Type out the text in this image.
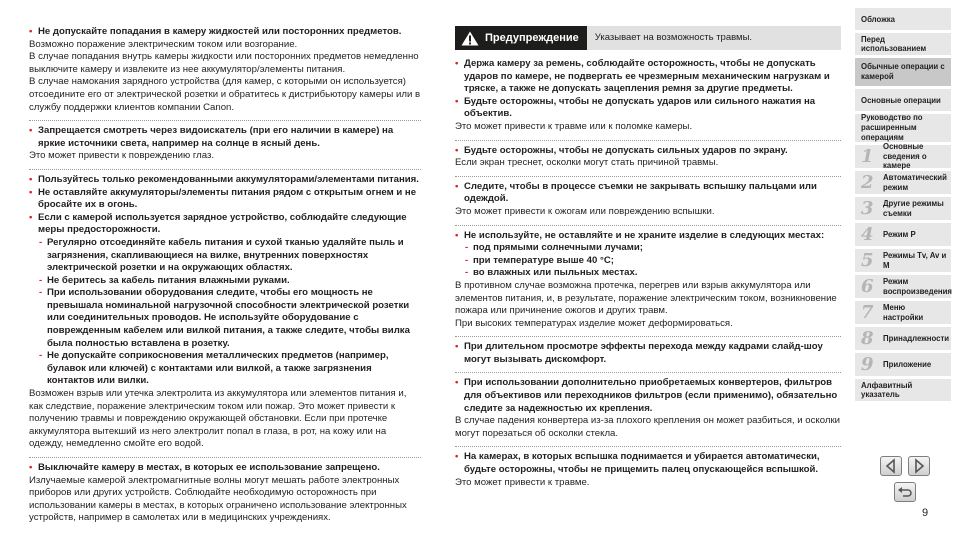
• Не допускайте попадания в камеру жидкостей или посторонних предметов.
Возможно поражение электрическим током или возгорание.
В случае попадания внутрь камеры жидкости или посторонних предметов немедленно выключите камеру и извлеките из нее аккумулятор/элементы питания.
В случае намокания зарядного устройства (для камер, с которыми он используется) отсоедините его от электрической розетки и обратитесь к дистрибьютору камеры или в службу поддержки клиентов компании Canon.
• Запрещается смотреть через видоискатель (при его наличии в камере) на яркие источники света, например на солнце в ясный день.
Это может привести к повреждению глаз.
• Пользуйтесь только рекомендованными аккумуляторами/элементами питания.
• Не оставляйте аккумуляторы/элементы питания рядом с открытым огнем и не бросайте их в огонь.
• Если с камерой используется зарядное устройство, соблюдайте следующие меры предосторожности.
- Регулярно отсоединяйте кабель питания и сухой тканью удаляйте пыль и загрязнения, скапливающиеся на вилке, внутренних поверхностях электрической розетки и на окружающих областях.
- Не беритесь за кабель питания влажными руками.
- При использовании оборудования следите, чтобы его мощность не превышала номинальной нагрузочной способности электрической розетки или соединительных проводов. Не используйте оборудование с поврежденным кабелем или вилкой питания, а также следите, чтобы вилка была полностью вставлена в розетку.
- Не допускайте соприкосновения металлических предметов (например, булавок или ключей) с контактами или вилкой, а также загрязнения контактов или вилки.
Возможен взрыв или утечка электролита из аккумулятора или элементов питания и, как следствие, поражение электрическим током или пожар. Это может привести к получению травмы и повреждению окружающей обстановки. Если при протечке аккумулятора вытекший из него электролит попал в глаза, в рот, на кожу или на одежду, немедленно смойте его водой.
• Выключайте камеру в местах, в которых ее использование запрещено.
Излучаемые камерой электромагнитные волны могут мешать работе электронных приборов или других устройств. Соблюдайте необходимую осторожность при использовании камеры в местах, в которых ограничено использование электронных устройств, например в самолетах или в медицинских учреждениях.
Предупреждение	Указывает на возможность травмы.
• Держа камеру за ремень, соблюдайте осторожность, чтобы не допускать ударов по камере, не подвергать ее чрезмерным механическим нагрузкам и тряске, а также не допускать зацепления ремня за другие предметы.
• Будьте осторожны, чтобы не допускать ударов или сильного нажатия на объектив.
Это может привести к травме или к поломке камеры.
• Будьте осторожны, чтобы не допускать сильных ударов по экрану.
Если экран треснет, осколки могут стать причиной травмы.
• Следите, чтобы в процессе съемки не закрывать вспышку пальцами или одеждой.
Это может привести к ожогам или повреждению вспышки.
• Не используйте, не оставляйте и не храните изделие в следующих местах:
- под прямыми солнечными лучами;
- при температуре выше 40 °C;
- во влажных или пыльных местах.
В противном случае возможна протечка, перегрев или взрыв аккумулятора или элементов питания, и, в результате, поражение электрическим током, возникновение пожара или причинение ожогов и других травм.
При высоких температурах изделие может деформироваться.
• При длительном просмотре эффекты перехода между кадрами слайд-шоу могут вызывать дискомфорт.
• При использовании дополнительно приобретаемых конвертеров, фильтров для объективов или переходников фильтров (если применимо), обязательно следите за надежностью их крепления.
В случае падения конвертера из-за плохого крепления он может разбиться, и осколки могут порезаться об осколки стекла.
• На камерах, в которых вспышка поднимается и убирается автоматически, будьте осторожны, чтобы не прищемить палец опускающейся вспышкой.
Это может привести к травме.
Обложка
Перед использованием
Обычные операции с камерой
Основные операции
Руководство по расширенным операциям
1	Основные сведения о камере
2	Автоматический режим
3	Другие режимы съемки
4	Режим P
5	Режимы Tv, Av и M
6	Режим воспроизведения
7	Меню настройки
8	Принадлежности
9	Приложение
Алфавитный указатель
9
